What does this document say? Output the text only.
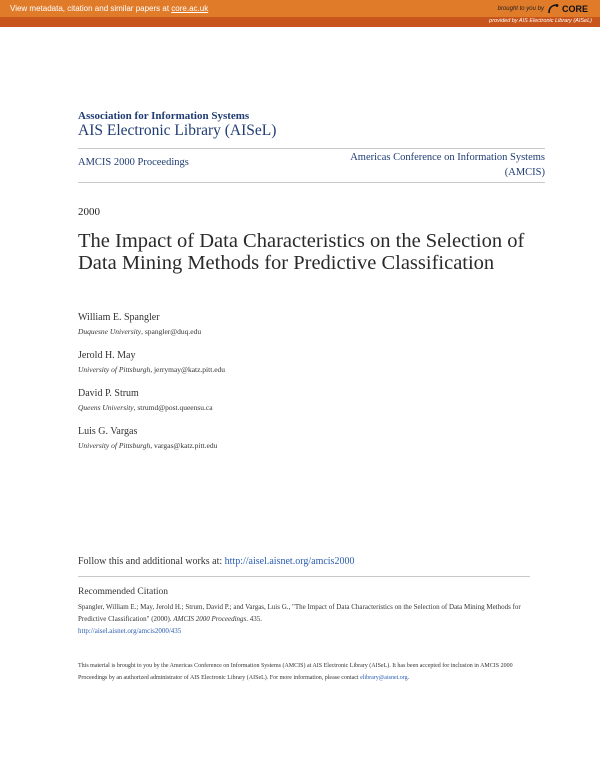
View metadata, citation and similar papers at core.ac.uk
provided by AIS Electronic Library (AISeL)
brought to you by CORE
Association for Information Systems
AIS Electronic Library (AISeL)
AMCIS 2000 Proceedings	Americas Conference on Information Systems
(AMCIS)
2000
The Impact of Data Characteristics on the Selection of Data Mining Methods for Predictive Classification
William E. Spangler
Duquesne University, spangler@duq.edu
Jerold H. May
University of Pittsburgh, jerrymay@katz.pitt.edu
David P. Strum
Queens University, strumd@post.queensu.ca
Luis G. Vargas
University of Pittsburgh, vargas@katz.pitt.edu
Follow this and additional works at: http://aisel.aisnet.org/amcis2000
Recommended Citation
Spangler, William E.; May, Jerold H.; Strum, David P.; and Vargas, Luis G., "The Impact of Data Characteristics on the Selection of Data Mining Methods for Predictive Classification" (2000). AMCIS 2000 Proceedings. 435.
http://aisel.aisnet.org/amcis2000/435
This material is brought to you by the Americas Conference on Information Systems (AMCIS) at AIS Electronic Library (AISeL). It has been accepted for inclusion in AMCIS 2000 Proceedings by an authorized administrator of AIS Electronic Library (AISeL). For more information, please contact elibrary@aisnet.org.
